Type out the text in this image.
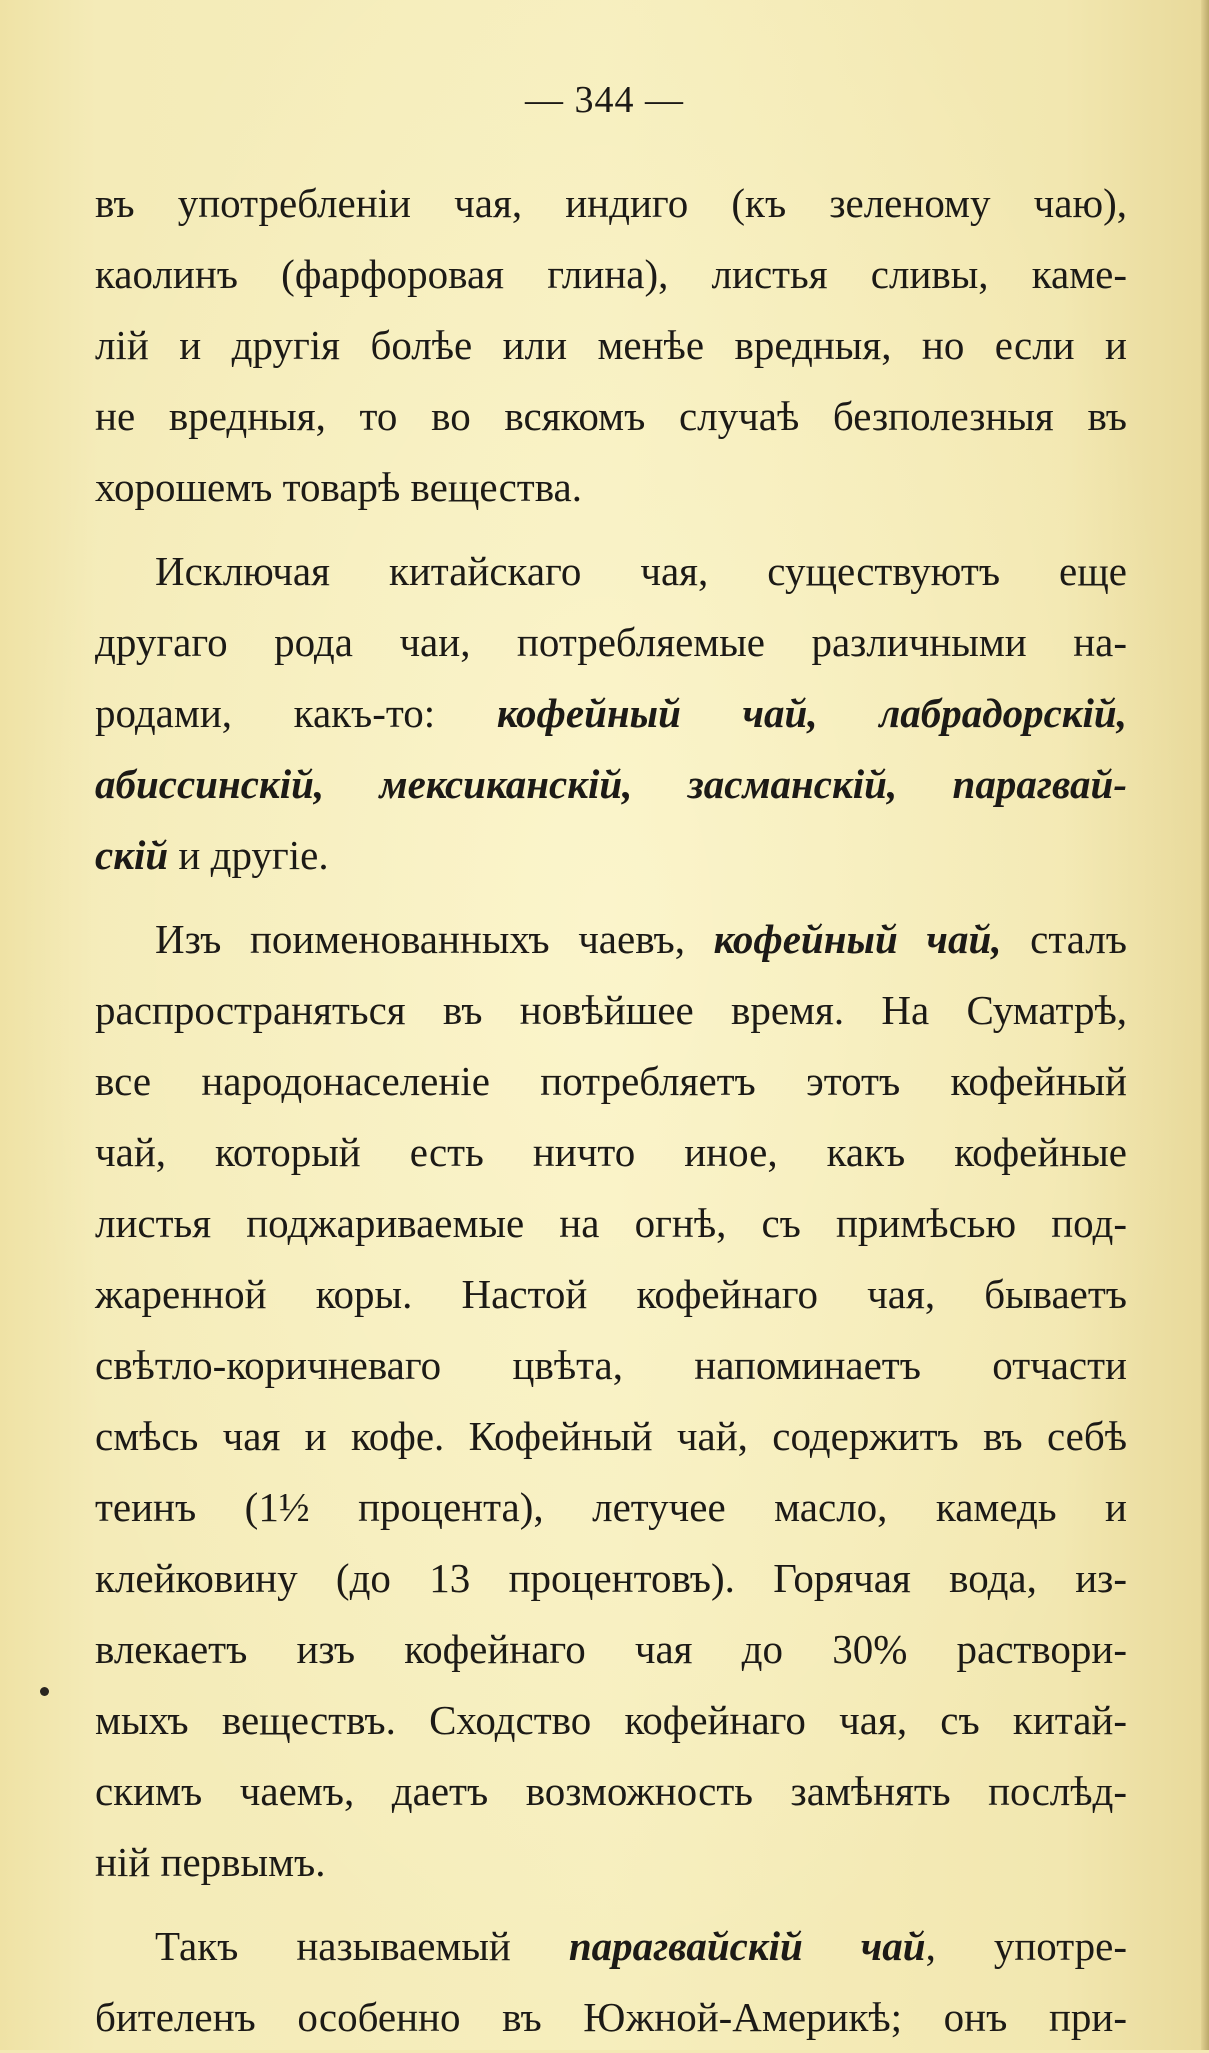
— 344 —
въ употребленіи чая, индиго (къ зеленому чаю),
каолинъ (фарфоровая глина), листья сливы, каме-
лій и другія болѣе или менѣе вредныя, но если и
не вредныя, то во всякомъ случаѣ безполезныя въ
хорошемъ товарѣ вещества.
Исключая китайскаго чая, существуютъ еще
другаго рода чаи, потребляемые различными на-
родами, какъ-то: кофейный чай, лабрадорскій,
абиссинскій, мексиканскій, засманскій, парагвай-
скій и другіе.
Изъ поименованныхъ чаевъ, кофейный чай, сталъ
распространяться въ новѣйшее время. На Суматрѣ,
все народонаселеніе потребляетъ этотъ кофейный
чай, который есть ничто иное, какъ кофейные
листья поджариваемые на огнѣ, съ примѣсью под-
жаренной коры. Настой кофейнаго чая, бываетъ
свѣтло-коричневаго цвѣта, напоминаетъ отчасти
смѣсь чая и кофе. Кофейный чай, содержитъ въ себѣ
теинъ (1½ процента), летучее масло, камедь и
клейковину (до 13 процентовъ). Горячая вода, из-
влекаетъ изъ кофейнаго чая до 30% раствори-
мыхъ веществъ. Сходство кофейнаго чая, съ китай-
скимъ чаемъ, даетъ возможность замѣнять послѣд-
ній первымъ.
Такъ называемый парагвайскій чай, употре-
бителенъ особенно въ Южной-Америкѣ; онъ при-
